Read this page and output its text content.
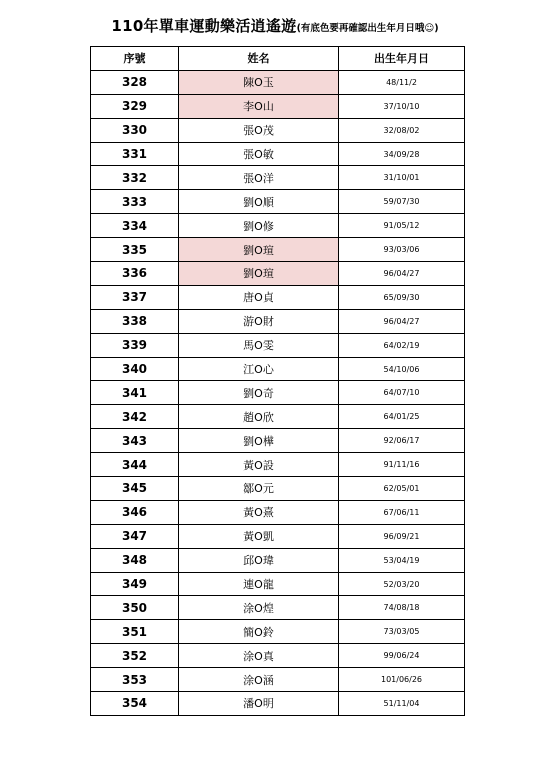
110年單車運動樂活逍遙遊(有底色要再確認出生年月日哦☺)
序號	姓名	出生年月日
328	陳O玉	48/11/2
329	李O山	37/10/10
330	張O茂	32/08/02
331	張O敏	34/09/28
332	張O洋	31/10/01
333	劉O順	59/07/30
334	劉O修	91/05/12
335	劉O瑄	93/03/06
336	劉O瑄	96/04/27
337	唐O貞	65/09/30
338	游O財	96/04/27
339	馬O雯	64/02/19
340	江O心	54/10/06
341	劉O奇	64/07/10
342	趙O欣	64/01/25
343	劉O樺	92/06/17
344	黃O設	91/11/16
345	鄒O元	62/05/01
346	黃O熹	67/06/11
347	黃O凱	96/09/21
348	邱O瑋	53/04/19
349	連O龍	52/03/20
350	涂O煌	74/08/18
351	簡O鈴	73/03/05
352	涂O真	99/06/24
353	涂O涵	101/06/26
354	潘O明	51/11/04
